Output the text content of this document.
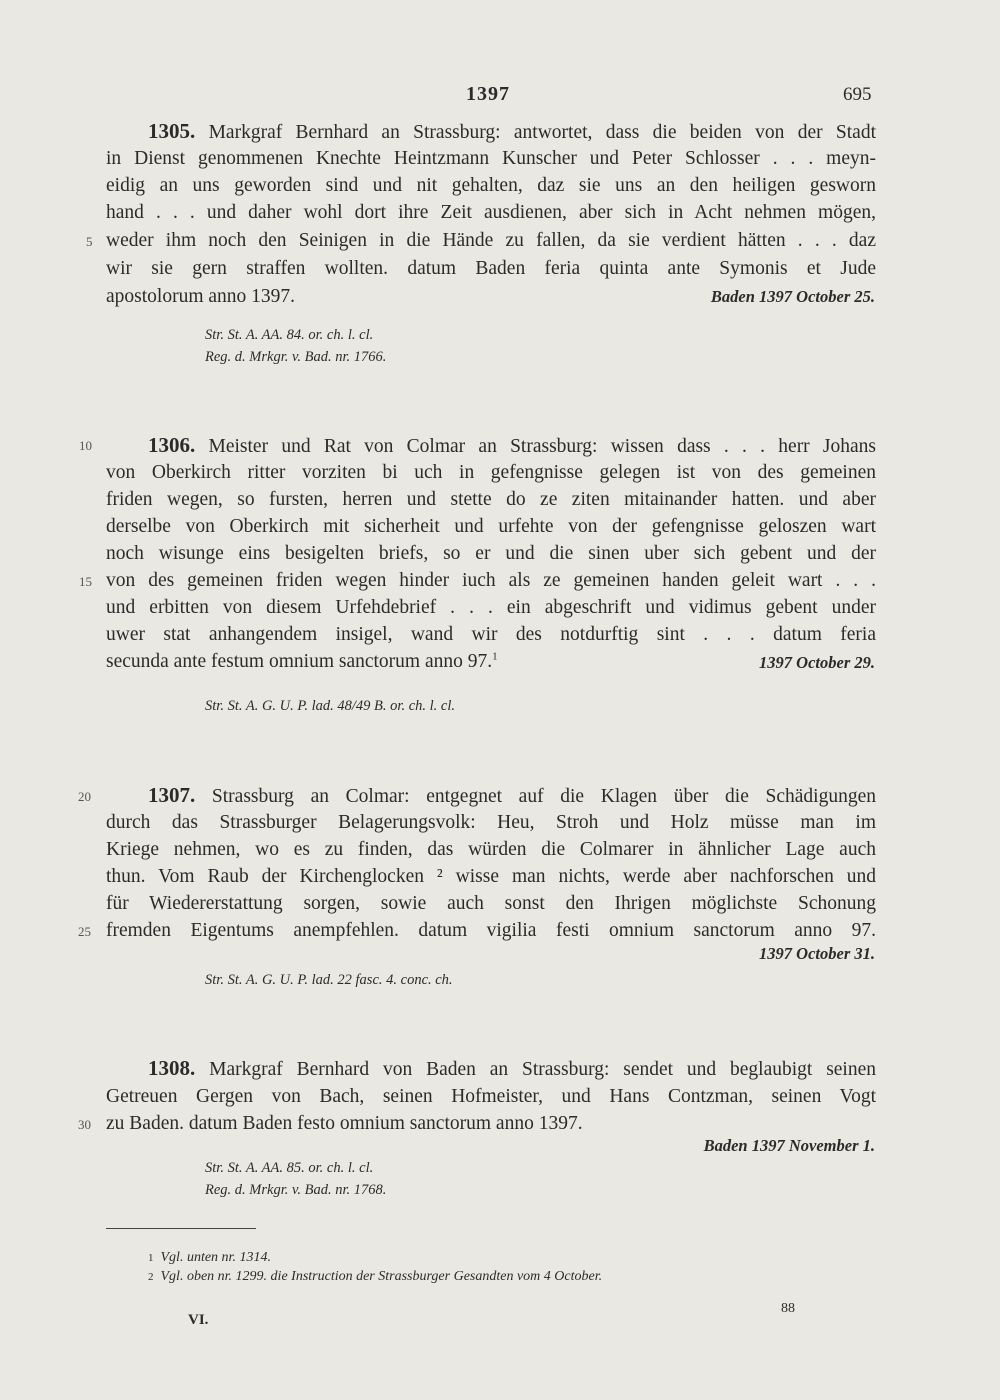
1397	695
1305. Markgraf Bernhard an Strassburg: antwortet, dass die beiden von der Stadt
in Dienst genommenen Knechte Heintzmann Kunscher und Peter Schlosser . . . meyn-
eidig an uns geworden sind und nit gehalten, daz sie uns an den heiligen gesworn
hand . . . und daher wohl dort ihre Zeit ausdienen, aber sich in Acht nehmen mögen,
weder ihm noch den Seinigen in die Hände zu fallen, da sie verdient hätten . . . daz
wir sie gern straffen wollten. datum Baden feria quinta ante Symonis et Jude
apostolorum anno 1397.	Baden 1397 October 25.
Str. St. A. AA. 84. or. ch. l. cl.
Reg. d. Mrkgr. v. Bad. nr. 1766.
1306. Meister und Rat von Colmar an Strassburg: wissen dass . . . herr Johans
von Oberkirch ritter vorziten bi uch in gefengnisse gelegen ist von des gemeinen
friden wegen, so fursten, herren und stette do ze ziten mitainander hatten. und aber
derselbe von Oberkirch mit sicherheit und urfehte von der gefengnisse geloszen wart
noch wisunge eins besigelten briefs, so er und die sinen uber sich gebent und der
von des gemeinen friden wegen hinder iuch als ze gemeinen handen geleit wart . . .
und erbitten von diesem Urfehdebrief . . . ein abgeschrift und vidimus gebent under
uwer stat anhangendem insigel, wand wir des notdurftig sint . . . datum feria
secunda ante festum omnium sanctorum anno 97.$^1$	1397 October 29.
Str. St. A. G. U. P. lad. 48/49 B. or. ch. l. cl.
1307. Strassburg an Colmar: entgegnet auf die Klagen über die Schädigungen
durch das Strassburger Belagerungsvolk: Heu, Stroh und Holz müsse man im
Kriege nehmen, wo es zu finden, das würden die Colmarer in ähnlicher Lage auch
thun. Vom Raub der Kirchenglocken ² wisse man nichts, werde aber nachforschen und
für Wiedererstattung sorgen, sowie auch sonst den Ihrigen möglichste Schonung
fremden Eigentums anempfehlen. datum vigilia festi omnium sanctorum anno 97.
1397 October 31.
Str. St. A. G. U. P. lad. 22 fasc. 4. conc. ch.
1308. Markgraf Bernhard von Baden an Strassburg: sendet und beglaubigt seinen
Getreuen Gergen von Bach, seinen Hofmeister, und Hans Contzman, seinen Vogt
zu Baden. datum Baden festo omnium sanctorum anno 1397.
Baden 1397 November 1.
Str. St. A. AA. 85. or. ch. l. cl.
Reg. d. Mrkgr. v. Bad. nr. 1768.
5
10
15
20
25
30
1 Vgl. unten nr. 1314.
2 Vgl. oben nr. 1299. die Instruction der Strassburger Gesandten vom 4 October.
VI.
88
